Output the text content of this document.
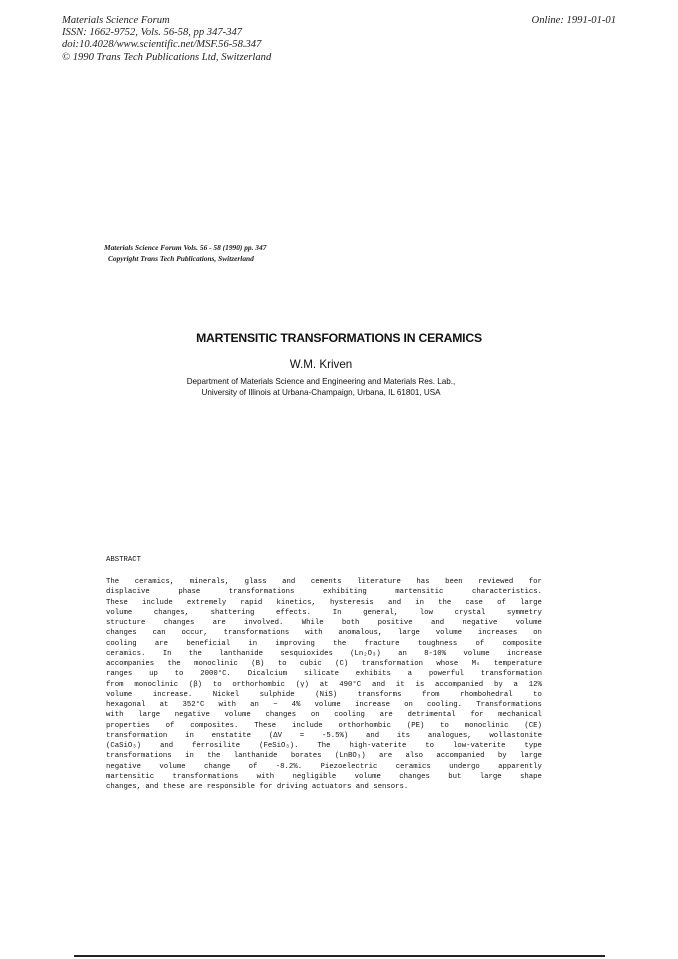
Materials Science Forum
ISSN: 1662-9752, Vols. 56-58, pp 347-347
doi:10.4028/www.scientific.net/MSF.56-58.347
© 1990 Trans Tech Publications Ltd, Switzerland
Online: 1991-01-01
Materials Science Forum Vols. 56 - 58 (1990) pp. 347
Copyright Trans Tech Publications, Switzerland
MARTENSITIC TRANSFORMATIONS IN CERAMICS
W.M. Kriven
Department of Materials Science and Engineering and Materials Res. Lab.,
University of Illinois at Urbana-Champaign, Urbana, IL 61801, USA
ABSTRACT
The ceramics, minerals, glass and cements literature has been reviewed for
displacive	phase	transformations	exhibiting	martensitic	characteristics.
These include extremely rapid kinetics, hysteresis and in the case of large
volume	changes,	shattering	effects.	In	general,	low	crystal	symmetry
structure	changes	are	involved.	While	both	positive	and	negative	volume
changes can occur, transformations with anomalous, large volume increases on
cooling	are	beneficial	in	improving	the	fracture	toughness	of	composite
ceramics. In the lanthanide sesquioxides (Ln₂O₃) an 8-10% volume increase
accompanies the monoclinic (B) to cubic (C) transformation whose Mₛ temperature
ranges up to 2000°C. Dicalcium silicate exhibits a powerful transformation
from monoclinic (β) to orthorhombic (γ) at 490°C and it is accompanied by a 12%
volume	increase.	Nickel	sulphide	(NiS)	transforms	from	rhombohedral	to
hexagonal at 352°C with an ~ 4% volume increase on cooling. Transformations
with large negative volume changes on cooling are detrimental for mechanical
properties of composites. These include orthorhombic (PE) to monoclinic (CE)
transformation in enstatite (ΔV = -5.5%) and its analogues, wollastonite
(CaSiO₃)	and	ferrosilite	(FeSiO₃).	The	high-vaterite	to	low-vaterite	type
transformations in the lanthanide borates (LnBO₃) are also accompanied by large
negative	volume	change	of	-8.2%.	Piezoelectric	ceramics	undergo	apparently
martensitic	transformations	with	negligible	volume	changes	but	large	shape
changes, and these are responsible for driving actuators and sensors.
